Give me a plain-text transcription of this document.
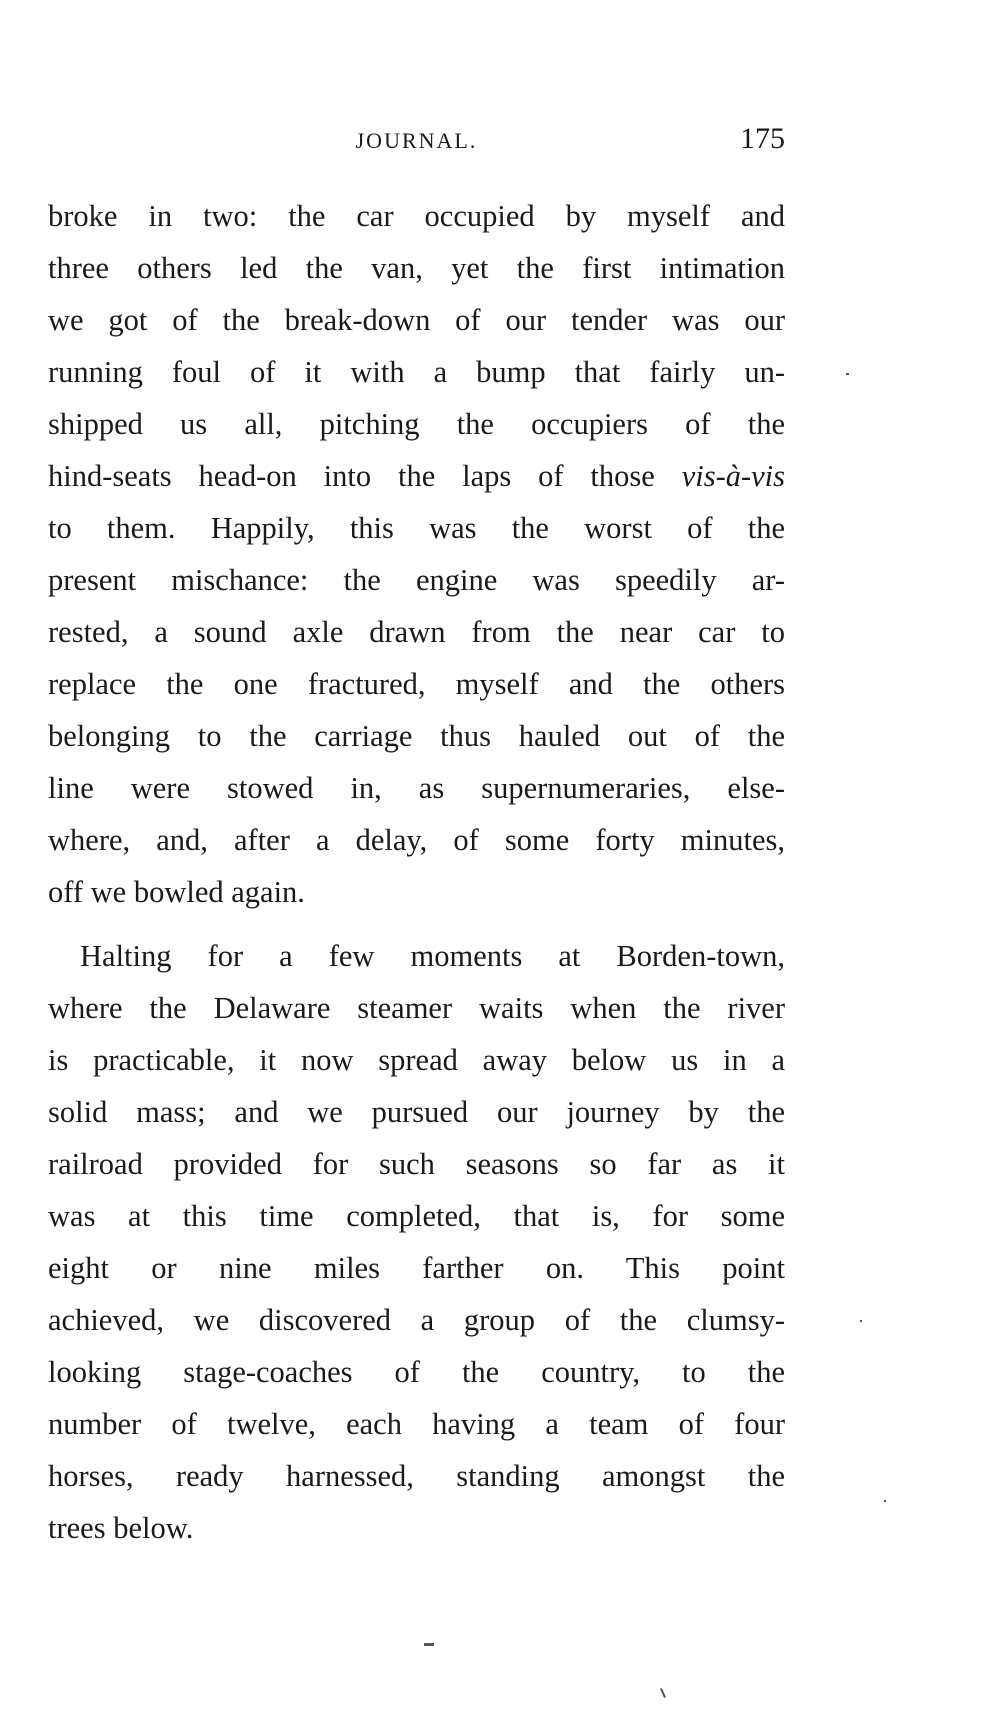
JOURNAL.	175
broke in two: the car occupied by myself and
three others led the van, yet the first intimation
we got of the break-down of our tender was our
running foul of it with a bump that fairly un-
shipped us all, pitching the occupiers of the
hind-seats head-on into the laps of those vis-à-vis
to them. Happily, this was the worst of the
present mischance: the engine was speedily ar-
rested, a sound axle drawn from the near car to
replace the one fractured, myself and the others
belonging to the carriage thus hauled out of the
line were stowed in, as supernumeraries, else-
where, and, after a delay, of some forty minutes,
off we bowled again.
Halting for a few moments at Borden-town,
where the Delaware steamer waits when the river
is practicable, it now spread away below us in a
solid mass; and we pursued our journey by the
railroad provided for such seasons so far as it
was at this time completed, that is, for some
eight or nine miles farther on. This point
achieved, we discovered a group of the clumsy-
looking stage-coaches of the country, to the
number of twelve, each having a team of four
horses, ready harnessed, standing amongst the
trees below.
